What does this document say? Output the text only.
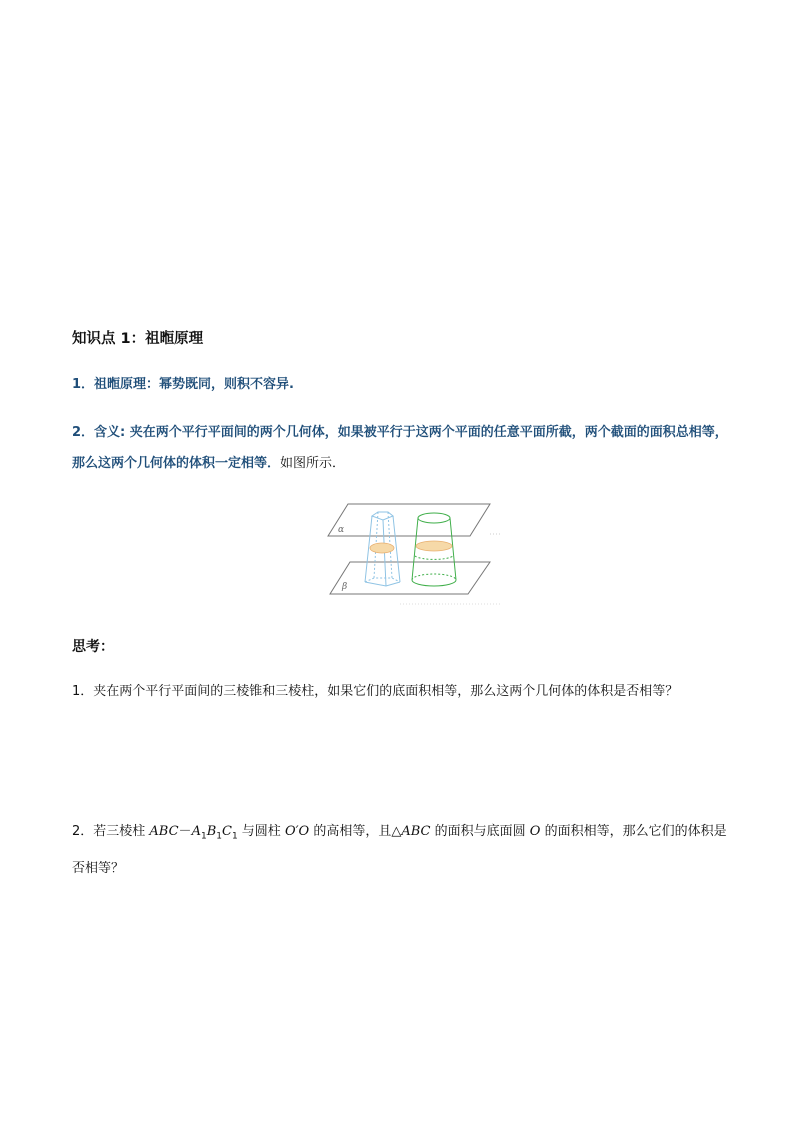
知识点 1：祖暅原理
1．祖暅原理：幂势既同，则积不容异.
2．含义: 夹在两个平行平面间的两个几何体，如果被平行于这两个平面的任意平面所截，两个截面的面积总相等，那么这两个几何体的体积一定相等．如图所示．
α
β
思考：
1．夹在两个平行平面间的三棱锥和三棱柱，如果它们的底面积相等，那么这两个几何体的体积是否相等？
2．若三棱柱 $ABC-A_1B_1C_1$ 与圆柱 O′O 的高相等，且△ABC 的面积与底面圆 O 的面积相等，那么它们的体积是否相等？
